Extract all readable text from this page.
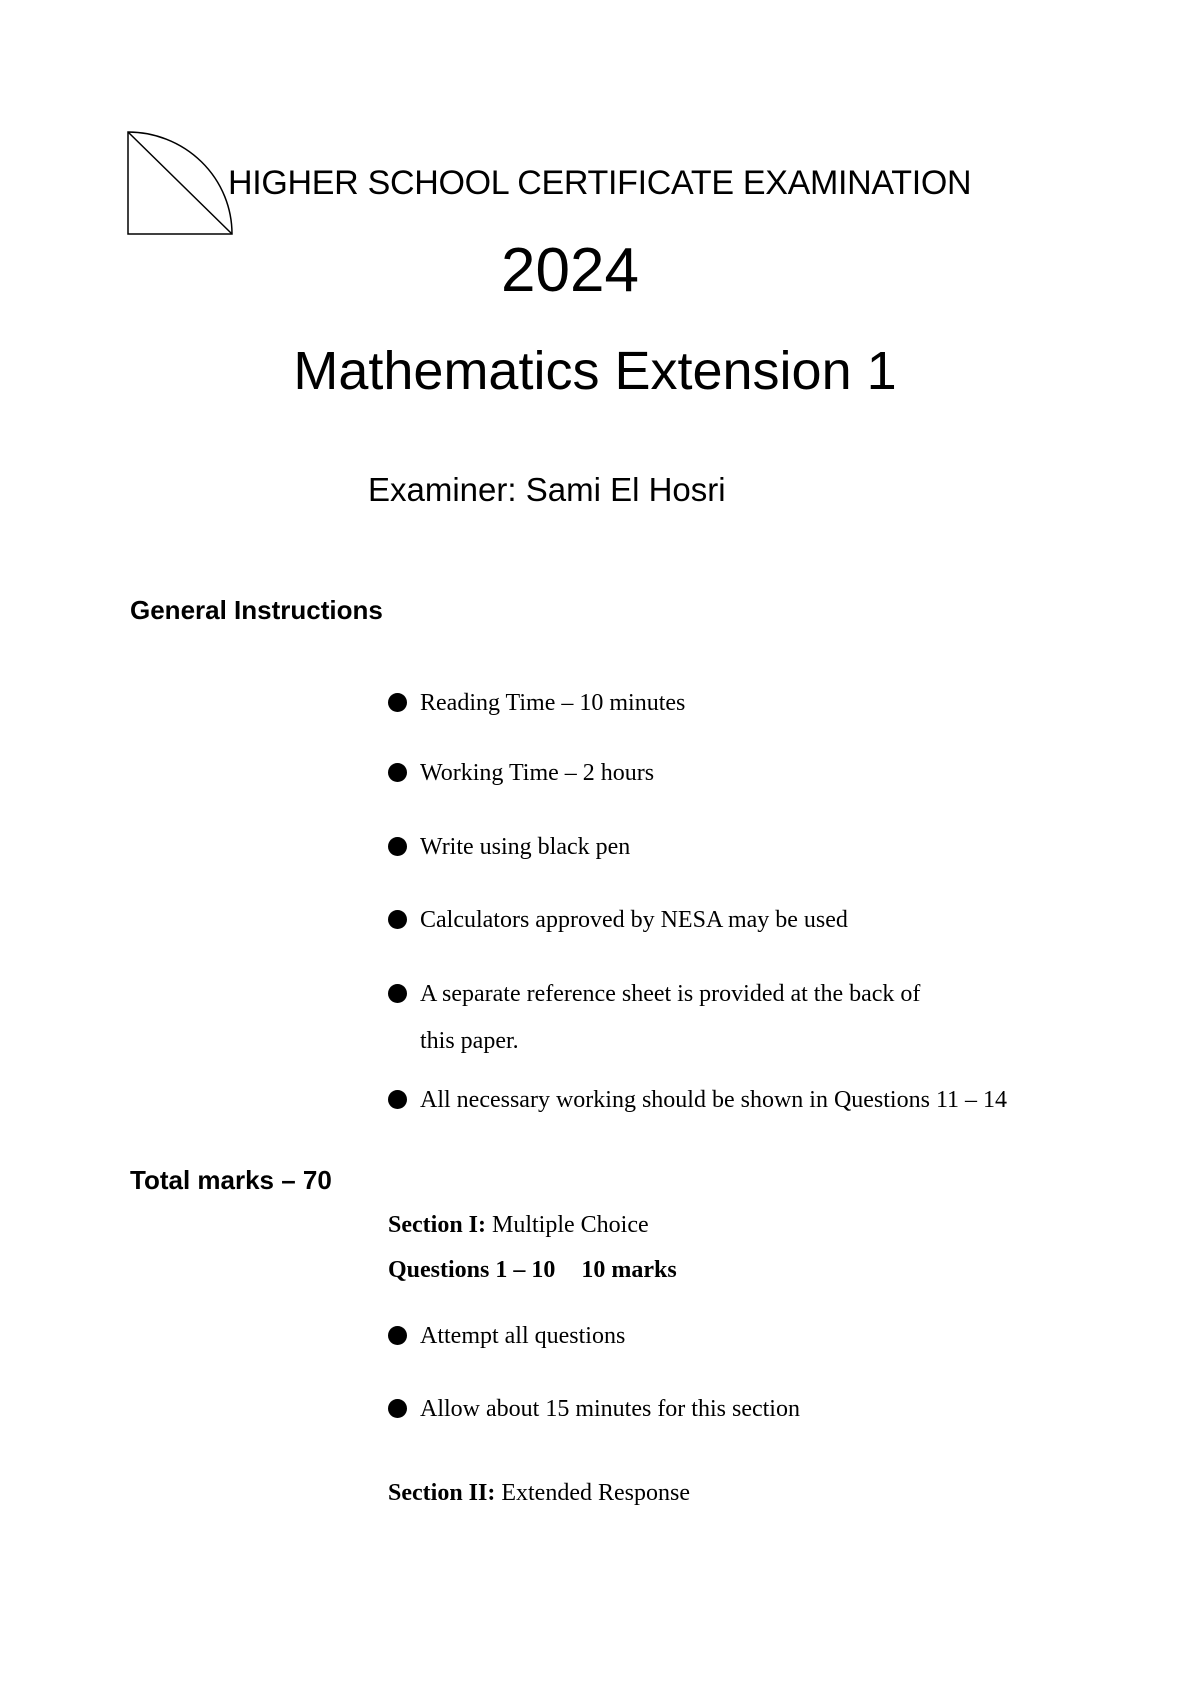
HIGHER SCHOOL CERTIFICATE EXAMINATION
2024
Mathematics Extension 1
Examiner: Sami El Hosri
General Instructions
Reading Time – 10 minutes
Working Time – 2 hours
Write using black pen
Calculators approved by NESA may be used
A separate reference sheet is provided at the back of
this paper.
All necessary working should be shown in Questions 11 – 14
Total marks – 70
Section I: Multiple Choice
Questions 1 – 10 10 marks
Attempt all questions
Allow about 15 minutes for this section
Section II: Extended Response
